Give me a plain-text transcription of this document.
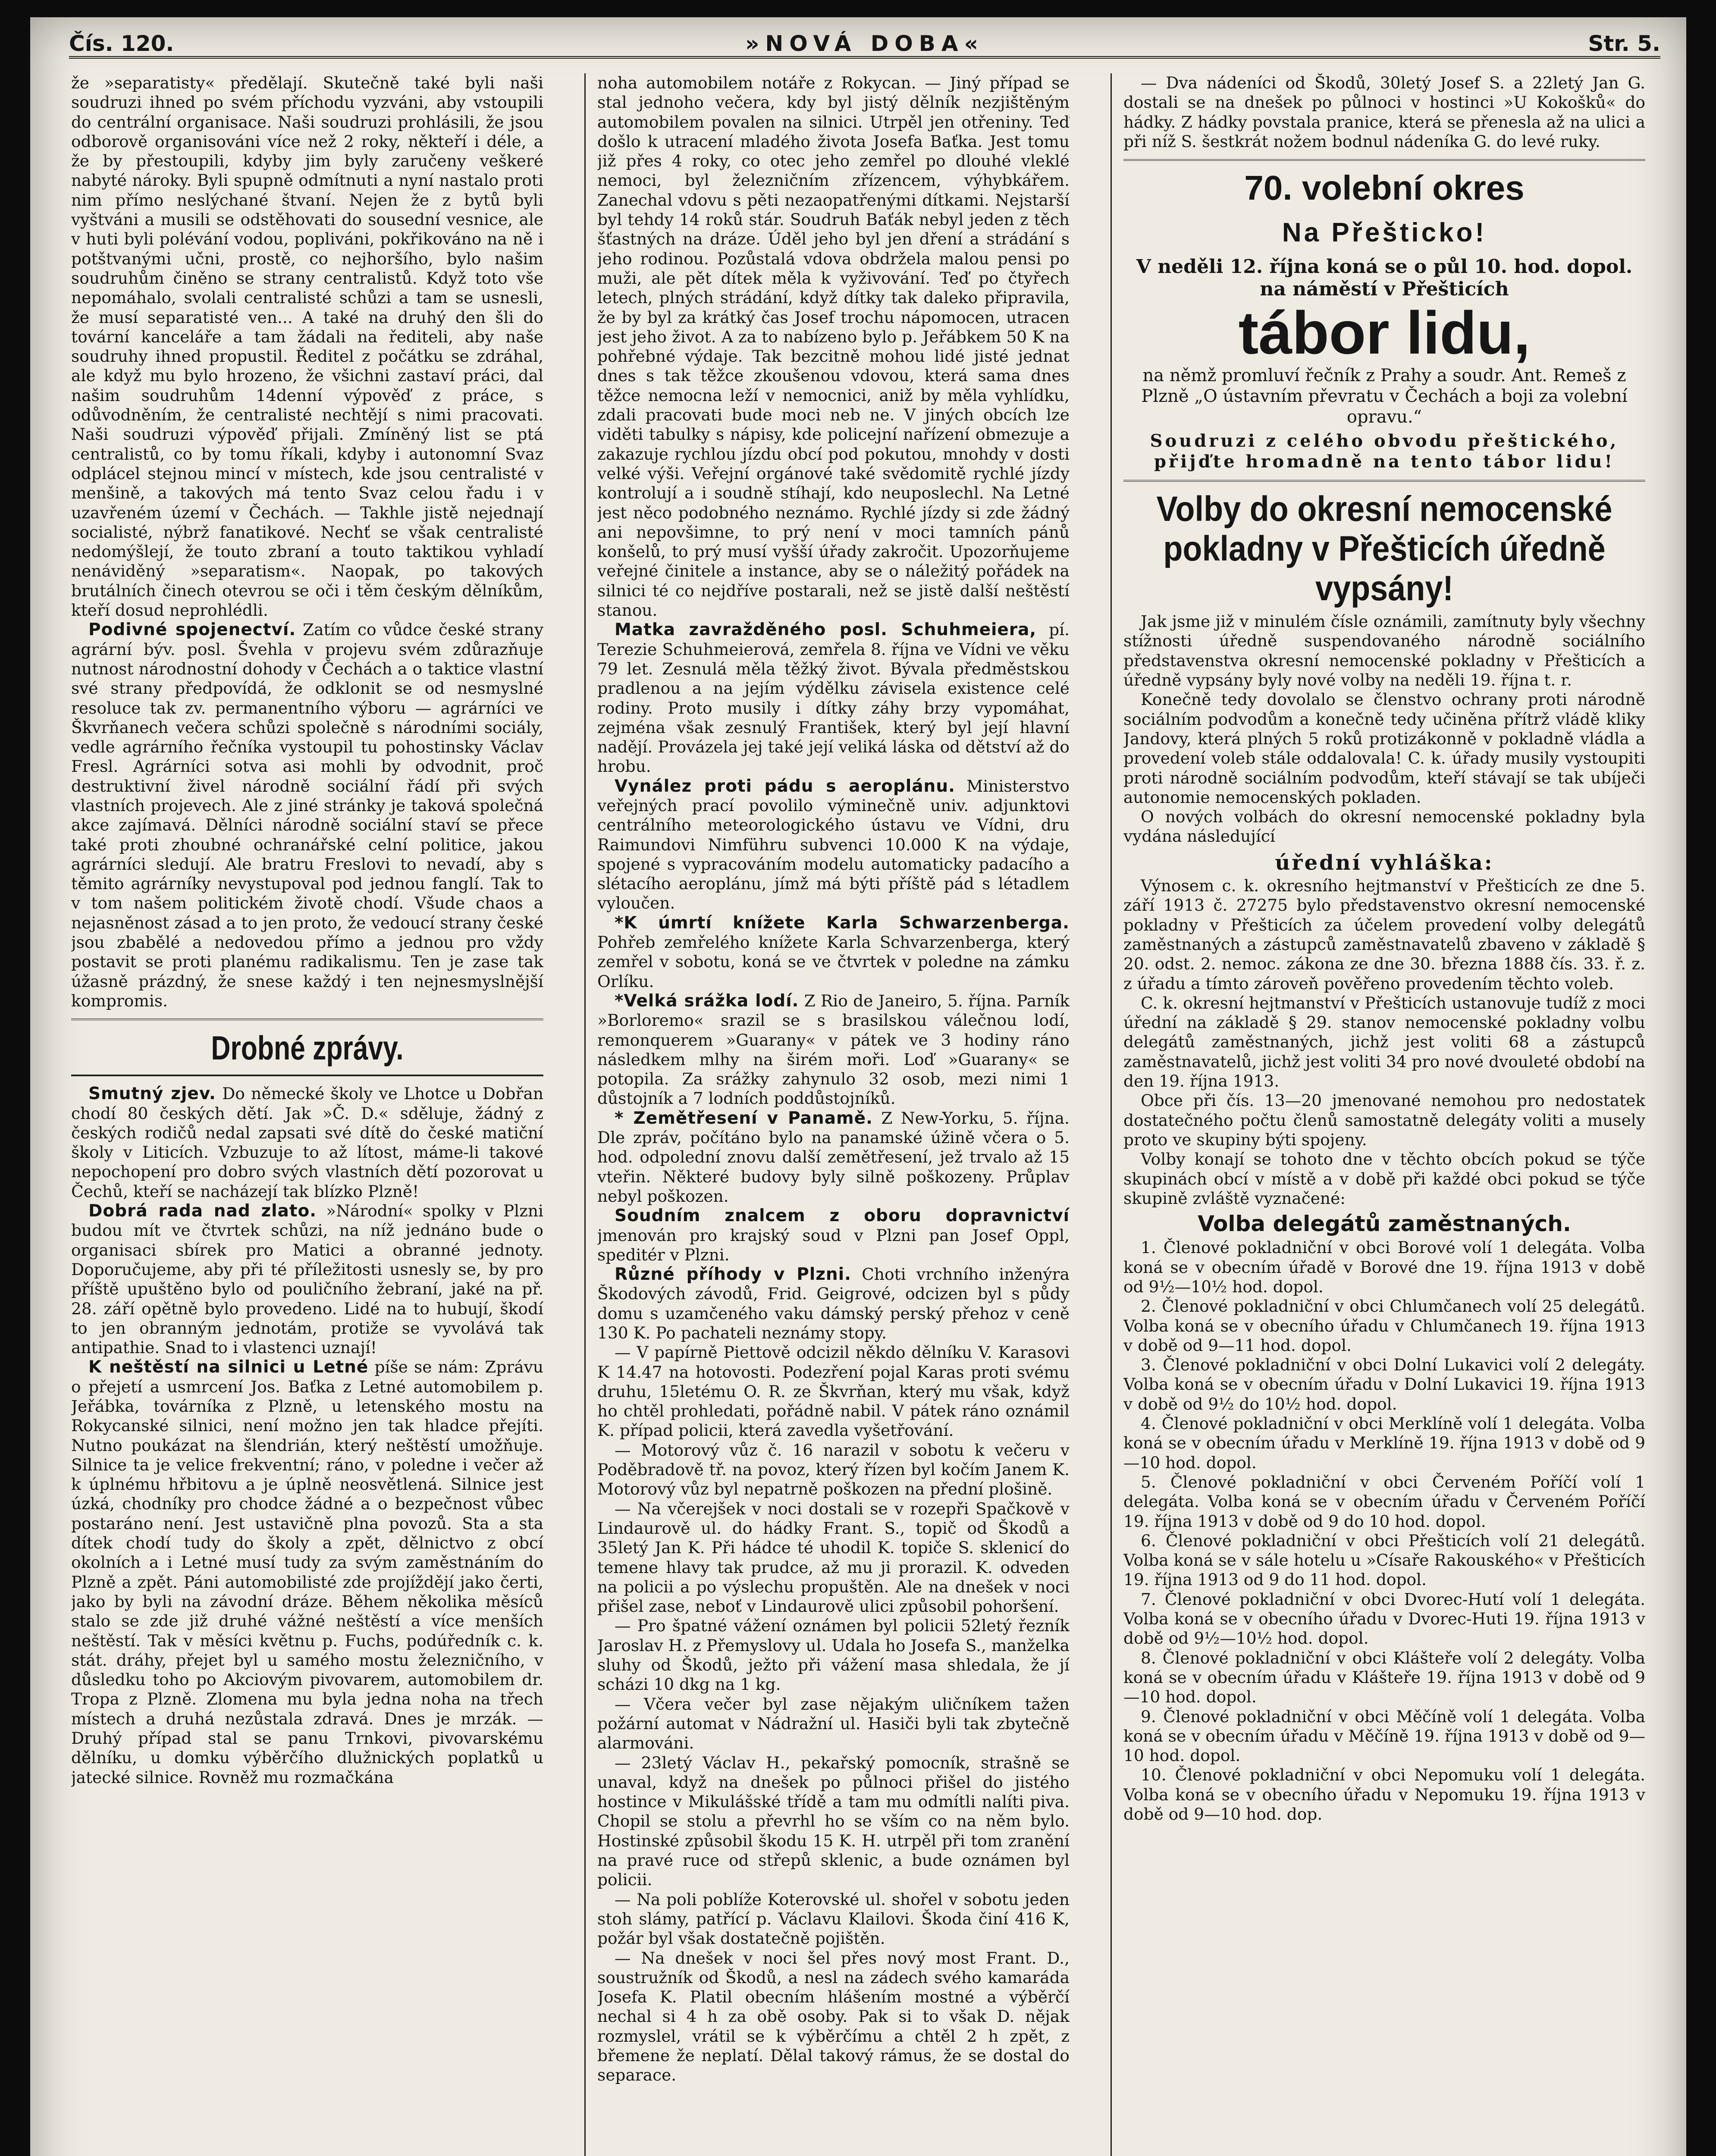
Čís. 120.	»NOVÁ DOBA«	Str. 5.

že »separatisty« předělají. Skutečně také byli naši soudruzi ihned po svém příchodu vyzváni, aby vstoupili do centrální organisace. Naši soudruzi prohlásili, že jsou odborově organisováni více než 2 roky, někteří i déle, a že by přestoupili, kdyby jim byly zaručeny veškeré nabyté nároky. Byli spupně odmítnuti a nyní nastalo proti nim přímo neslýchané štvaní. Nejen že z bytů byli vyštváni a musili se odstěhovati do sousední vesnice, ale v huti byli polévání vodou, popliváni, pokřikováno na ně i potštvanými učni, prostě, co nejhoršího, bylo našim soudruhům činěno se strany centralistů. Když toto vše nepomáhalo, svolali centralisté schůzi a tam se usnesli, že musí separatisté ven... A také na druhý den šli do tovární kanceláře a tam žádali na řediteli, aby naše soudruhy ihned propustil. Ředitel z počátku se zdráhal, ale když mu bylo hrozeno, že všichni zastaví práci, dal našim soudruhům 14denní výpověď z práce, s odůvodněním, že centralisté nechtějí s nimi pracovati. Naši soudruzi výpověď přijali. Zmíněný list se ptá centralistů, co by tomu říkali, kdyby i autonomní Svaz odplácel stejnou mincí v místech, kde jsou centralisté v menšině, a takových má tento Svaz celou řadu i v uzavřeném území v Čechách. — Takhle jistě nejednají socialisté, nýbrž fanatikové. Nechť se však centralisté nedomýšlejí, že touto zbraní a touto taktikou vyhladí nenáviděný »separatism«. Naopak, po takových brutálních činech otevrou se oči i těm českým dělníkům, kteří dosud neprohlédli.

Podivné spojenectví. Zatím co vůdce české strany agrární býv. posl. Švehla v projevu svém zdůrazňuje nutnost národnostní dohody v Čechách a o taktice vlastní své strany předpovídá, že odklonit se od nesmyslné resoluce tak zv. permanentního výboru — agrárníci ve Škvrňanech večera schůzi společně s národními sociály, vedle agrárního řečníka vystoupil tu pohostinsky Václav Fresl. Agrárníci sotva asi mohli by odvodnit, proč destruktivní živel národně sociální řádí při svých vlastních projevech. Ale z jiné stránky je taková společná akce zajímavá. Dělníci národně sociální staví se přece také proti zhoubné ochranářské celní politice, jakou agrárníci sledují. Ale bratru Freslovi to nevadí, aby s těmito agrárníky nevystupoval pod jednou fanglí. Tak to v tom našem politickém životě chodí. Všude chaos a nejasněnost zásad a to jen proto, že vedoucí strany české jsou zbabělé a nedovedou přímo a jednou pro vždy postavit se proti planému radikalismu. Ten je zase tak úžasně prázdný, že snese každý i ten nejnesmyslnější kompromis.

Drobné zprávy.

Smutný zjev. Do německé školy ve Lhotce u Dobřan chodí 80 českých dětí. Jak »Č. D.« sděluje, žádný z českých rodičů nedal zapsati své dítě do české matiční školy v Liticích. Vzbuzuje to až lítost, máme-li takové nepochopení pro dobro svých vlastních dětí pozorovat u Čechů, kteří se nacházejí tak blízko Plzně!

Dobrá rada nad zlato. »Národní« spolky v Plzni budou mít ve čtvrtek schůzi, na níž jednáno bude o organisaci sbírek pro Matici a obranné jednoty. Doporučujeme, aby při té příležitosti usnesly se, by pro příště upuštěno bylo od pouličního žebraní, jaké na př. 28. září opětně bylo provedeno. Lidé na to hubují, škodí to jen obranným jednotám, protiže se vyvolává tak antipathie. Snad to i vlastenci uznají!

K neštěstí na silnici u Letné píše se nám: Zprávu o přejetí a usmrcení Jos. Baťka z Letné automobilem p. Jeřábka, továrníka z Plzně, u letenského mostu na Rokycanské silnici, není možno jen tak hladce přejíti. Nutno poukázat na šlendrián, který neštěstí umožňuje. Silnice ta je velice frekventní; ráno, v poledne i večer až k úplnému hřbitovu a je úplně neosvětlená. Silnice jest úzká, chodníky pro chodce žádné a o bezpečnost vůbec postaráno není. Jest ustavičně plna povozů. Sta a sta dítek chodí tudy do školy a zpět, dělnictvo z obcí okolních a i Letné musí tudy za svým zaměstnáním do Plzně a zpět. Páni automobilisté zde projíždějí jako čerti, jako by byli na závodní dráze. Během několika měsíců stalo se zde již druhé vážné neštěstí a více menších neštěstí. Tak v měsíci květnu p. Fuchs, podúředník c. k. stát. dráhy, přejet byl u samého mostu železničního, v důsledku toho po Akciovým pivovarem, automobilem dr. Tropa z Plzně. Zlomena mu byla jedna noha na třech místech a druhá nezůstala zdravá. Dnes je mrzák. — Druhý případ stal se panu Trnkovi, pivovarskému dělníku, u domku výběrčího dlužnických poplatků u jatecké silnice. Rovněž mu rozmačkána

noha automobilem notáře z Rokycan. — Jiný případ se stal jednoho večera, kdy byl jistý dělník nezjištěným automobilem povalen na silnici. Utrpěl jen otřeniny. Teď došlo k utracení mladého života Josefa Baťka. Jest tomu již přes 4 roky, co otec jeho zemřel po dlouhé vleklé nemoci, byl železničním zřízencem, výhybkářem. Zanechal vdovu s pěti nezaopatřenými dítkami. Nejstarší byl tehdy 14 roků stár. Soudruh Baťák nebyl jeden z těch šťastných na dráze. Úděl jeho byl jen dření a strádání s jeho rodinou. Pozůstalá vdova obdržela malou pensi po muži, ale pět dítek měla k vyživování. Teď po čtyřech letech, plných strádání, když dítky tak daleko připravila, že by byl za krátký čas Josef trochu nápomocen, utracen jest jeho život. A za to nabízeno bylo p. Jeřábkem 50 K na pohřebné výdaje. Tak bezcitně mohou lidé jisté jednat dnes s tak těžce zkoušenou vdovou, která sama dnes těžce nemocna leží v nemocnici, aniž by měla vyhlídku, zdali pracovati bude moci neb ne. V jiných obcích lze viděti tabulky s nápisy, kde policejní nařízení obmezuje a zakazuje rychlou jízdu obcí pod pokutou, mnohdy v dosti velké výši. Veřejní orgánové také svědomitě rychlé jízdy kontrolují a i soudně stíhají, kdo neuposlechl. Na Letné jest něco podobného neznámo. Rychlé jízdy si zde žádný ani nepovšimne, to prý není v moci tamních pánů konšelů, to prý musí vyšší úřady zakročit. Upozorňujeme veřejné činitele a instance, aby se o náležitý pořádek na silnici té co nejdříve postarali, než se jistě další neštěstí stanou.

Matka zavražděného posl. Schuhmeiera, pí. Terezie Schuhmeierová, zemřela 8. října ve Vídni ve věku 79 let. Zesnulá měla těžký život. Bývala předměstskou pradlenou a na jejím výdělku závisela existence celé rodiny. Proto musily i dítky záhy brzy vypomáhat, zejména však zesnulý František, který byl její hlavní nadějí. Provázela jej také její veliká láska od dětství až do hrobu.

Vynález proti pádu s aeroplánu. Ministerstvo veřejných prací povolilo výminečně univ. adjunktovi centrálního meteorologického ústavu ve Vídni, dru Raimundovi Nimführu subvenci 10.000 K na výdaje, spojené s vypracováním modelu automaticky padacího a slétacího aeroplánu, jímž má býti příště pád s létadlem vyloučen.

*K úmrtí knížete Karla Schwarzenberga. Pohřeb zemřelého knížete Karla Schvarzenberga, který zemřel v sobotu, koná se ve čtvrtek v poledne na zámku Orlíku.

*Velká srážka lodí. Z Rio de Janeiro, 5. října. Parník »Borloremo« srazil se s brasilskou válečnou lodí, remonquerem »Guarany« v pátek ve 3 hodiny ráno následkem mlhy na širém moři. Loď »Guarany« se potopila. Za srážky zahynulo 32 osob, mezi nimi 1 důstojník a 7 lodních poddůstojníků.

* Zemětřesení v Panamě. Z New-Yorku, 5. října. Dle zpráv, počítáno bylo na panamské úžině včera o 5. hod. odpolední znovu další zemětřesení, jež trvalo až 15 vteřin. Některé budovy byly silně poškozeny. Průplav nebyl poškozen.

Soudním znalcem z oboru dopravnictví jmenován pro krajský soud v Plzni pan Josef Oppl, speditér v Plzni.

Různé příhody v Plzni. Choti vrchního inženýra Škodových závodů, Frid. Geigrové, odcizen byl s půdy domu s uzamčeného vaku dámský perský přehoz v ceně 130 K. Po pachateli neznámy stopy.

— V papírně Piettově odcizil někdo dělníku V. Karasovi K 14.47 na hotovosti. Podezření pojal Karas proti svému druhu, 15letému O. R. ze Škvrňan, který mu však, když ho chtěl prohledati, pořádně nabil. V pátek ráno oznámil K. případ policii, která zavedla vyšetřování.

— Motorový vůz č. 16 narazil v sobotu k večeru v Poděbradově tř. na povoz, který řízen byl kočím Janem K. Motorový vůz byl nepatrně poškozen na přední plošině.

— Na včerejšek v noci dostali se v rozepři Spačkově v Lindaurově ul. do hádky Frant. S., topič od Škodů a 35letý Jan K. Při hádce té uhodil K. topiče S. sklenicí do temene hlavy tak prudce, až mu ji prorazil. K. odveden na policii a po výslechu propuštěn. Ale na dnešek v noci přišel zase, neboť v Lindaurově ulici způsobil pohoršení.

— Pro špatné vážení oznámen byl policii 52letý řezník Jaroslav H. z Přemyslovy ul. Udala ho Josefa S., manželka sluhy od Škodů, ježto při vážení masa shledala, že jí scházi 10 dkg na 1 kg.

— Včera večer byl zase nějakým uličníkem tažen požární automat v Nádražní ul. Hasiči byli tak zbytečně alarmováni.

— 23letý Václav H., pekařský pomocník, strašně se unaval, když na dnešek po půlnoci přišel do jistého hostince v Mikulášské třídě a tam mu odmítli nalíti piva. Chopil se stolu a převrhl ho se vším co na něm bylo. Hostinské způsobil škodu 15 K. H. utrpěl při tom zranění na pravé ruce od střepů sklenic, a bude oznámen byl policii.

— Na poli poblíže Koterovské ul. shořel v sobotu jeden stoh slámy, patřící p. Václavu Klailovi. Škoda činí 416 K, požár byl však dostatečně pojištěn.

— Na dnešek v noci šel přes nový most Frant. D., soustružník od Škodů, a nesl na zádech svého kamaráda Josefa K. Platil obecním hlášením mostné a výběrčí nechal si 4 h za obě osoby. Pak si to však D. nějak rozmyslel, vrátil se k výběrčímu a chtěl 2 h zpět, z břemene že neplatí. Dělal takový rámus, že se dostal do separace.

— Dva nádeníci od Škodů, 30letý Josef S. a 22letý Jan G. dostali se na dnešek po půlnoci v hostinci »U Kokošků« do hádky. Z hádky povstala pranice, která se přenesla až na ulici a při níž S. šestkrát nožem bodnul nádeníka G. do levé ruky.

70. volební okres
Na Přešticko!

V neděli 12. října koná se o půl 10. hod. dopol. na náměstí v Přešticích

tábor lidu,

na němž promluví řečník z Prahy a soudr. Ant. Remeš z Plzně „O ústavním převratu v Čechách a boji za volební opravu.“

Soudruzi z celého obvodu přeštického, přijďte hromadně na tento tábor lidu!

Volby do okresní nemocenské pokladny v Přešticích úředně vypsány!

Jak jsme již v minulém čísle oznámili, zamítnuty byly všechny stížnosti úředně suspendovaného národně sociálního představenstva okresní nemocenské pokladny v Přešticích a úředně vypsány byly nové volby na neděli 19. října t. r.

Konečně tedy dovolalo se členstvo ochrany proti národně sociálním podvodům a konečně tedy učiněna přítrž vládě kliky Jandovy, která plných 5 roků protizákonně v pokladně vládla a provedení voleb stále oddalovala! C. k. úřady musily vystoupiti proti národně sociálním podvodům, kteří stávají se tak ubíječi autonomie nemocenských pokladen.

O nových volbách do okresní nemocenské pokladny byla vydána následující

úřední vyhláška:

Výnosem c. k. okresního hejtmanství v Přešticích ze dne 5. září 1913 č. 27275 bylo představenstvo okresní nemocenské pokladny v Přešticích za účelem provedení volby delegátů zaměstnaných a zástupců zaměstnavatelů zbaveno v základě § 20. odst. 2. nemoc. zákona ze dne 30. března 1888 čís. 33. ř. z. z úřadu a tímto zároveň pověřeno provedením těchto voleb.

C. k. okresní hejtmanství v Přešticích ustanovuje tudíž z moci úřední na základě § 29. stanov nemocenské pokladny volbu delegátů zaměstnaných, jichž jest voliti 68 a zástupců zaměstnavatelů, jichž jest voliti 34 pro nové dvouleté období na den 19. října 1913.

Obce při čís. 13—20 jmenované nemohou pro nedostatek dostatečného počtu členů samostatně delegáty voliti a musely proto ve skupiny býti spojeny.

Volby konají se tohoto dne v těchto obcích pokud se týče skupinách obcí v místě a v době při každé obci pokud se týče skupině zvláště vyznačené:

Volba delegátů zaměstnaných.

1. Členové pokladniční v obci Borové volí 1 delegáta. Volba koná se v obecním úřadě v Borové dne 19. října 1913 v době od 9½—10½ hod. dopol.

2. Členové pokladniční v obci Chlumčanech volí 25 delegátů. Volba koná se v obecního úřadu v Chlumčanech 19. října 1913 v době od 9—11 hod. dopol.

3. Členové pokladniční v obci Dolní Lukavici volí 2 delegáty. Volba koná se v obecním úřadu v Dolní Lukavici 19. října 1913 v době od 9½ do 10½ hod. dopol.

4. Členové pokladniční v obci Merklíně volí 1 delegáta. Volba koná se v obecním úřadu v Merklíně 19. října 1913 v době od 9—10 hod. dopol.

5. Členové pokladniční v obci Červeném Poříčí volí 1 delegáta. Volba koná se v obecním úřadu v Červeném Poříčí 19. října 1913 v době od 9 do 10 hod. dopol.

6. Členové pokladniční v obci Přešticích volí 21 delegátů. Volba koná se v sále hotelu u »Císaře Rakouského« v Přešticích 19. října 1913 od 9 do 11 hod. dopol.

7. Členové pokladniční v obci Dvorec-Hutí volí 1 delegáta. Volba koná se v obecního úřadu v Dvorec-Huti 19. října 1913 v době od 9½—10½ hod. dopol.

8. Členové pokladniční v obci Klášteře volí 2 delegáty. Volba koná se v obecním úřadu v Klášteře 19. října 1913 v době od 9—10 hod. dopol.

9. Členové pokladniční v obci Měčíně volí 1 delegáta. Volba koná se v obecním úřadu v Měčíně 19. října 1913 v době od 9—10 hod. dopol.

10. Členové pokladniční v obci Nepomuku volí 1 delegáta. Volba koná se v obecního úřadu v Nepomuku 19. října 1913 v době od 9—10 hod. dop.
